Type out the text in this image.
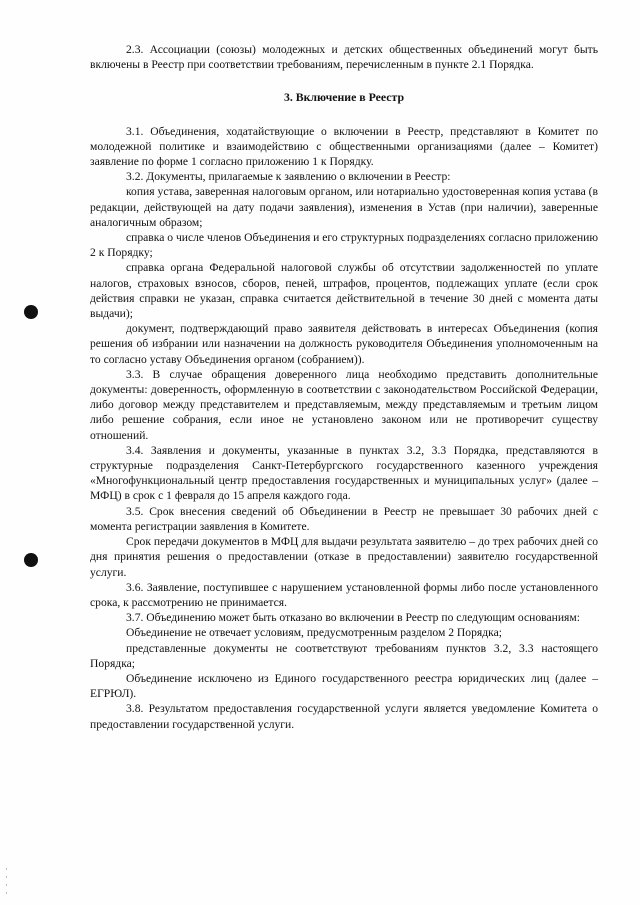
2.3. Ассоциации (союзы) молодежных и детских общественных объединений могут быть включены в Реестр при соответствии требованиям, перечисленным в пункте 2.1 Порядка.

3. Включение в Реестр

3.1. Объединения, ходатайствующие о включении в Реестр, представляют в Комитет по молодежной политике и взаимодействию с общественными организациями (далее – Комитет) заявление по форме 1 согласно приложению 1 к Порядку.

3.2. Документы, прилагаемые к заявлению о включении в Реестр:

копия устава, заверенная налоговым органом, или нотариально удостоверенная копия устава (в редакции, действующей на дату подачи заявления), изменения в Устав (при наличии), заверенные аналогичным образом;

справка о числе членов Объединения и его структурных подразделениях согласно приложению 2 к Порядку;

справка органа Федеральной налоговой службы об отсутствии задолженностей по уплате налогов, страховых взносов, сборов, пеней, штрафов, процентов, подлежащих уплате (если срок действия справки не указан, справка считается действительной в течение 30 дней с момента даты выдачи);

документ, подтверждающий право заявителя действовать в интересах Объединения (копия решения об избрании или назначении на должность руководителя Объединения уполномоченным на то согласно уставу Объединения органом (собранием)).

3.3. В случае обращения доверенного лица необходимо представить дополнительные документы: доверенность, оформленную в соответствии с законодательством Российской Федерации, либо договор между представителем и представляемым, между представляемым и третьим лицом либо решение собрания, если иное не установлено законом или не противоречит существу отношений.

3.4. Заявления и документы, указанные в пунктах 3.2, 3.3 Порядка, представляются в структурные подразделения Санкт-Петербургского государственного казенного учреждения «Многофункциональный центр предоставления государственных и муниципальных услуг» (далее – МФЦ) в срок с 1 февраля до 15 апреля каждого года.

3.5. Срок внесения сведений об Объединении в Реестр не превышает 30 рабочих дней с момента регистрации заявления в Комитете.

Срок передачи документов в МФЦ для выдачи результата заявителю – до трех рабочих дней со дня принятия решения о предоставлении (отказе в предоставлении) заявителю государственной услуги.

3.6. Заявление, поступившее с нарушением установленной формы либо после установленного срока, к рассмотрению не принимается.

3.7. Объединению может быть отказано во включении в Реестр по следующим основаниям:

Объединение не отвечает условиям, предусмотренным разделом 2 Порядка;

представленные документы не соответствуют требованиям пунктов 3.2, 3.3 настоящего Порядка;

Объединение исключено из Единого государственного реестра юридических лиц (далее – ЕГРЮЛ).

3.8. Результатом предоставления государственной услуги является уведомление Комитета о предоставлении государственной услуги.
